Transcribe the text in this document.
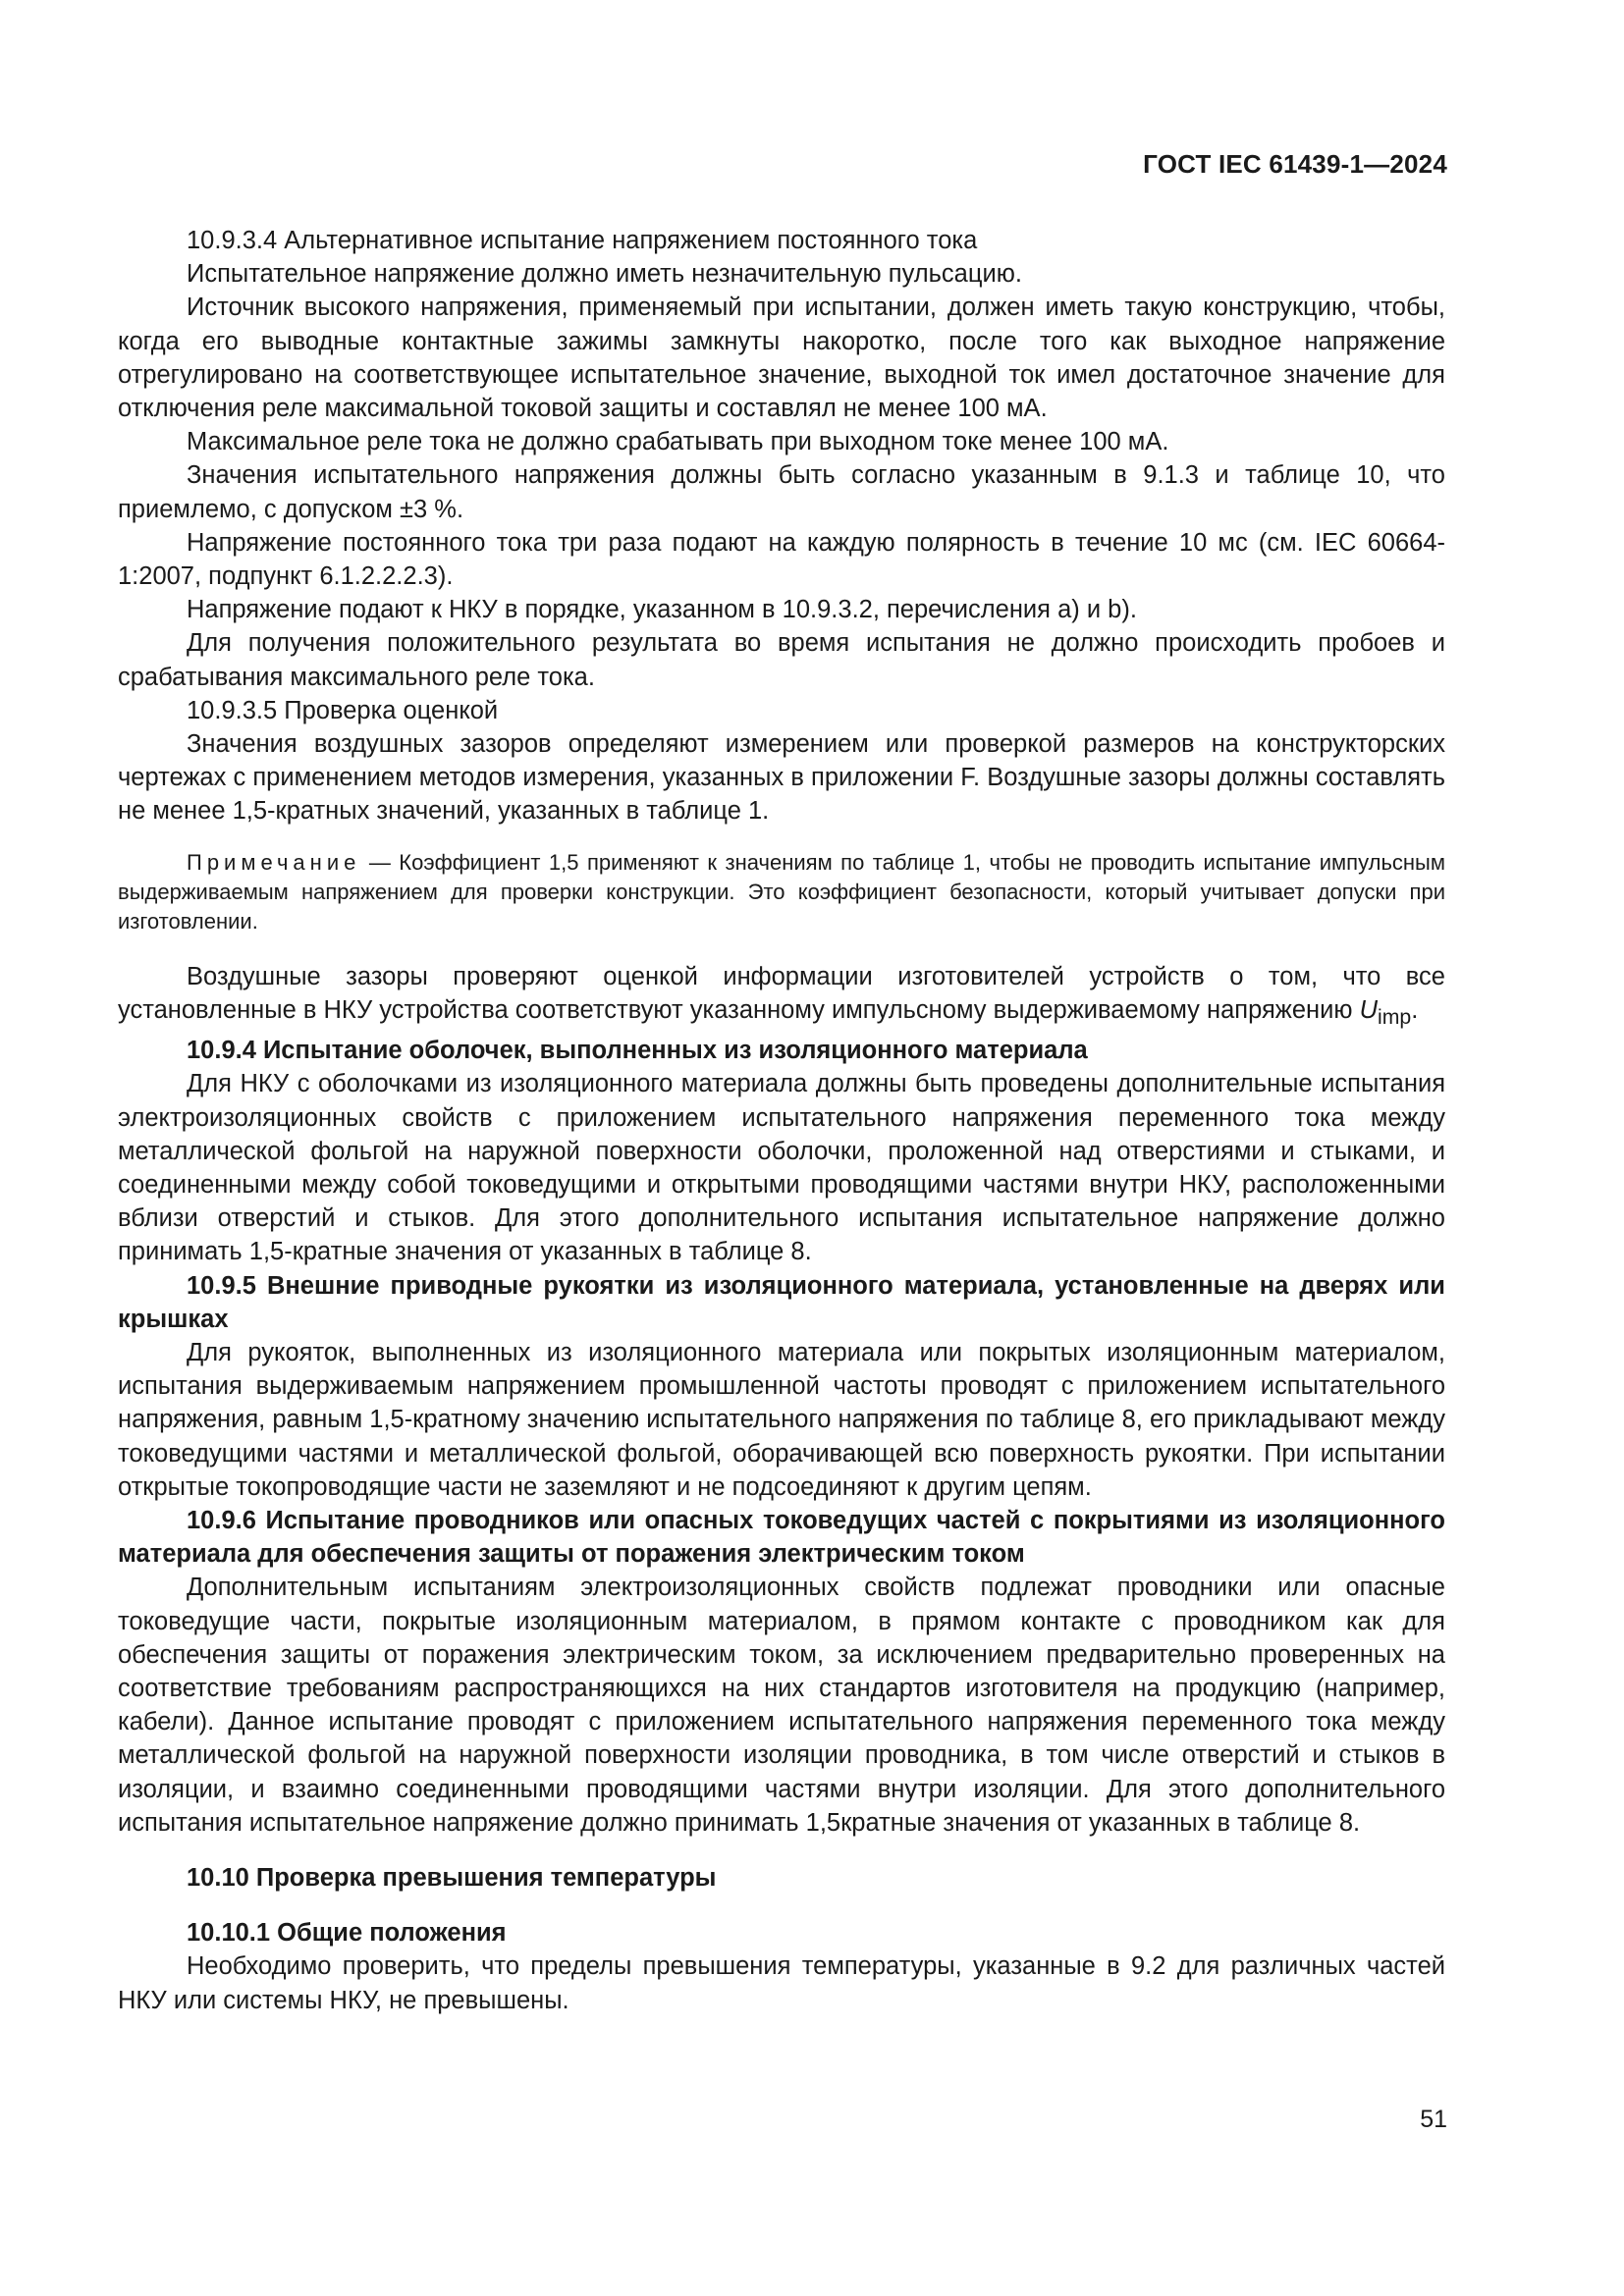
ГОСТ IEC 61439-1—2024

10.9.3.4 Альтернативное испытание напряжением постоянного тока

Испытательное напряжение должно иметь незначительную пульсацию.

Источник высокого напряжения, применяемый при испытании, должен иметь такую конструкцию, чтобы, когда его выводные контактные зажимы замкнуты накоротко, после того как выходное напряжение отрегулировано на соответствующее испытательное значение, выходной ток имел достаточное значение для отключения реле максимальной токовой защиты и составлял не менее 100 мА.

Максимальное реле тока не должно срабатывать при выходном токе менее 100 мА.

Значения испытательного напряжения должны быть согласно указанным в 9.1.3 и таблице 10, что приемлемо, с допуском ±3 %.

Напряжение постоянного тока три раза подают на каждую полярность в течение 10 мс (см. IEC 60664-1:2007, подпункт 6.1.2.2.2.3).

Напряжение подают к НКУ в порядке, указанном в 10.9.3.2, перечисления a) и b).

Для получения положительного результата во время испытания не должно происходить пробоев и срабатывания максимального реле тока.

10.9.3.5 Проверка оценкой

Значения воздушных зазоров определяют измерением или проверкой размеров на конструкторских чертежах с применением методов измерения, указанных в приложении F. Воздушные зазоры должны составлять не менее 1,5-кратных значений, указанных в таблице 1.

Примечание — Коэффициент 1,5 применяют к значениям по таблице 1, чтобы не проводить испытание импульсным выдерживаемым напряжением для проверки конструкции. Это коэффициент безопасности, который учитывает допуски при изготовлении.

Воздушные зазоры проверяют оценкой информации изготовителей устройств о том, что все установленные в НКУ устройства соответствуют указанному импульсному выдерживаемому напряжению $U_{imp}$.

10.9.4 Испытание оболочек, выполненных из изоляционного материала

Для НКУ с оболочками из изоляционного материала должны быть проведены дополнительные испытания электроизоляционных свойств с приложением испытательного напряжения переменного тока между металлической фольгой на наружной поверхности оболочки, проложенной над отверстиями и стыками, и соединенными между собой токоведущими и открытыми проводящими частями внутри НКУ, расположенными вблизи отверстий и стыков. Для этого дополнительного испытания испытательное напряжение должно принимать 1,5-кратные значения от указанных в таблице 8.

10.9.5 Внешние приводные рукоятки из изоляционного материала, установленные на дверях или крышках

Для рукояток, выполненных из изоляционного материала или покрытых изоляционным материалом, испытания выдерживаемым напряжением промышленной частоты проводят с приложением испытательного напряжения, равным 1,5-кратному значению испытательного напряжения по таблице 8, его прикладывают между токоведущими частями и металлической фольгой, оборачивающей всю поверхность рукоятки. При испытании открытые токопроводящие части не заземляют и не подсоединяют к другим цепям.

10.9.6 Испытание проводников или опасных токоведущих частей с покрытиями из изоляционного материала для обеспечения защиты от поражения электрическим током

Дополнительным испытаниям электроизоляционных свойств подлежат проводники или опасные токоведущие части, покрытые изоляционным материалом, в прямом контакте с проводником как для обеспечения защиты от поражения электрическим током, за исключением предварительно проверенных на соответствие требованиям распространяющихся на них стандартов изготовителя на продукцию (например, кабели). Данное испытание проводят с приложением испытательного напряжения переменного тока между металлической фольгой на наружной поверхности изоляции проводника, в том числе отверстий и стыков в изоляции, и взаимно соединенными проводящими частями внутри изоляции. Для этого дополнительного испытания испытательное напряжение должно принимать 1,5кратные значения от указанных в таблице 8.

10.10 Проверка превышения температуры

10.10.1 Общие положения

Необходимо проверить, что пределы превышения температуры, указанные в 9.2 для различных частей НКУ или системы НКУ, не превышены.

51
